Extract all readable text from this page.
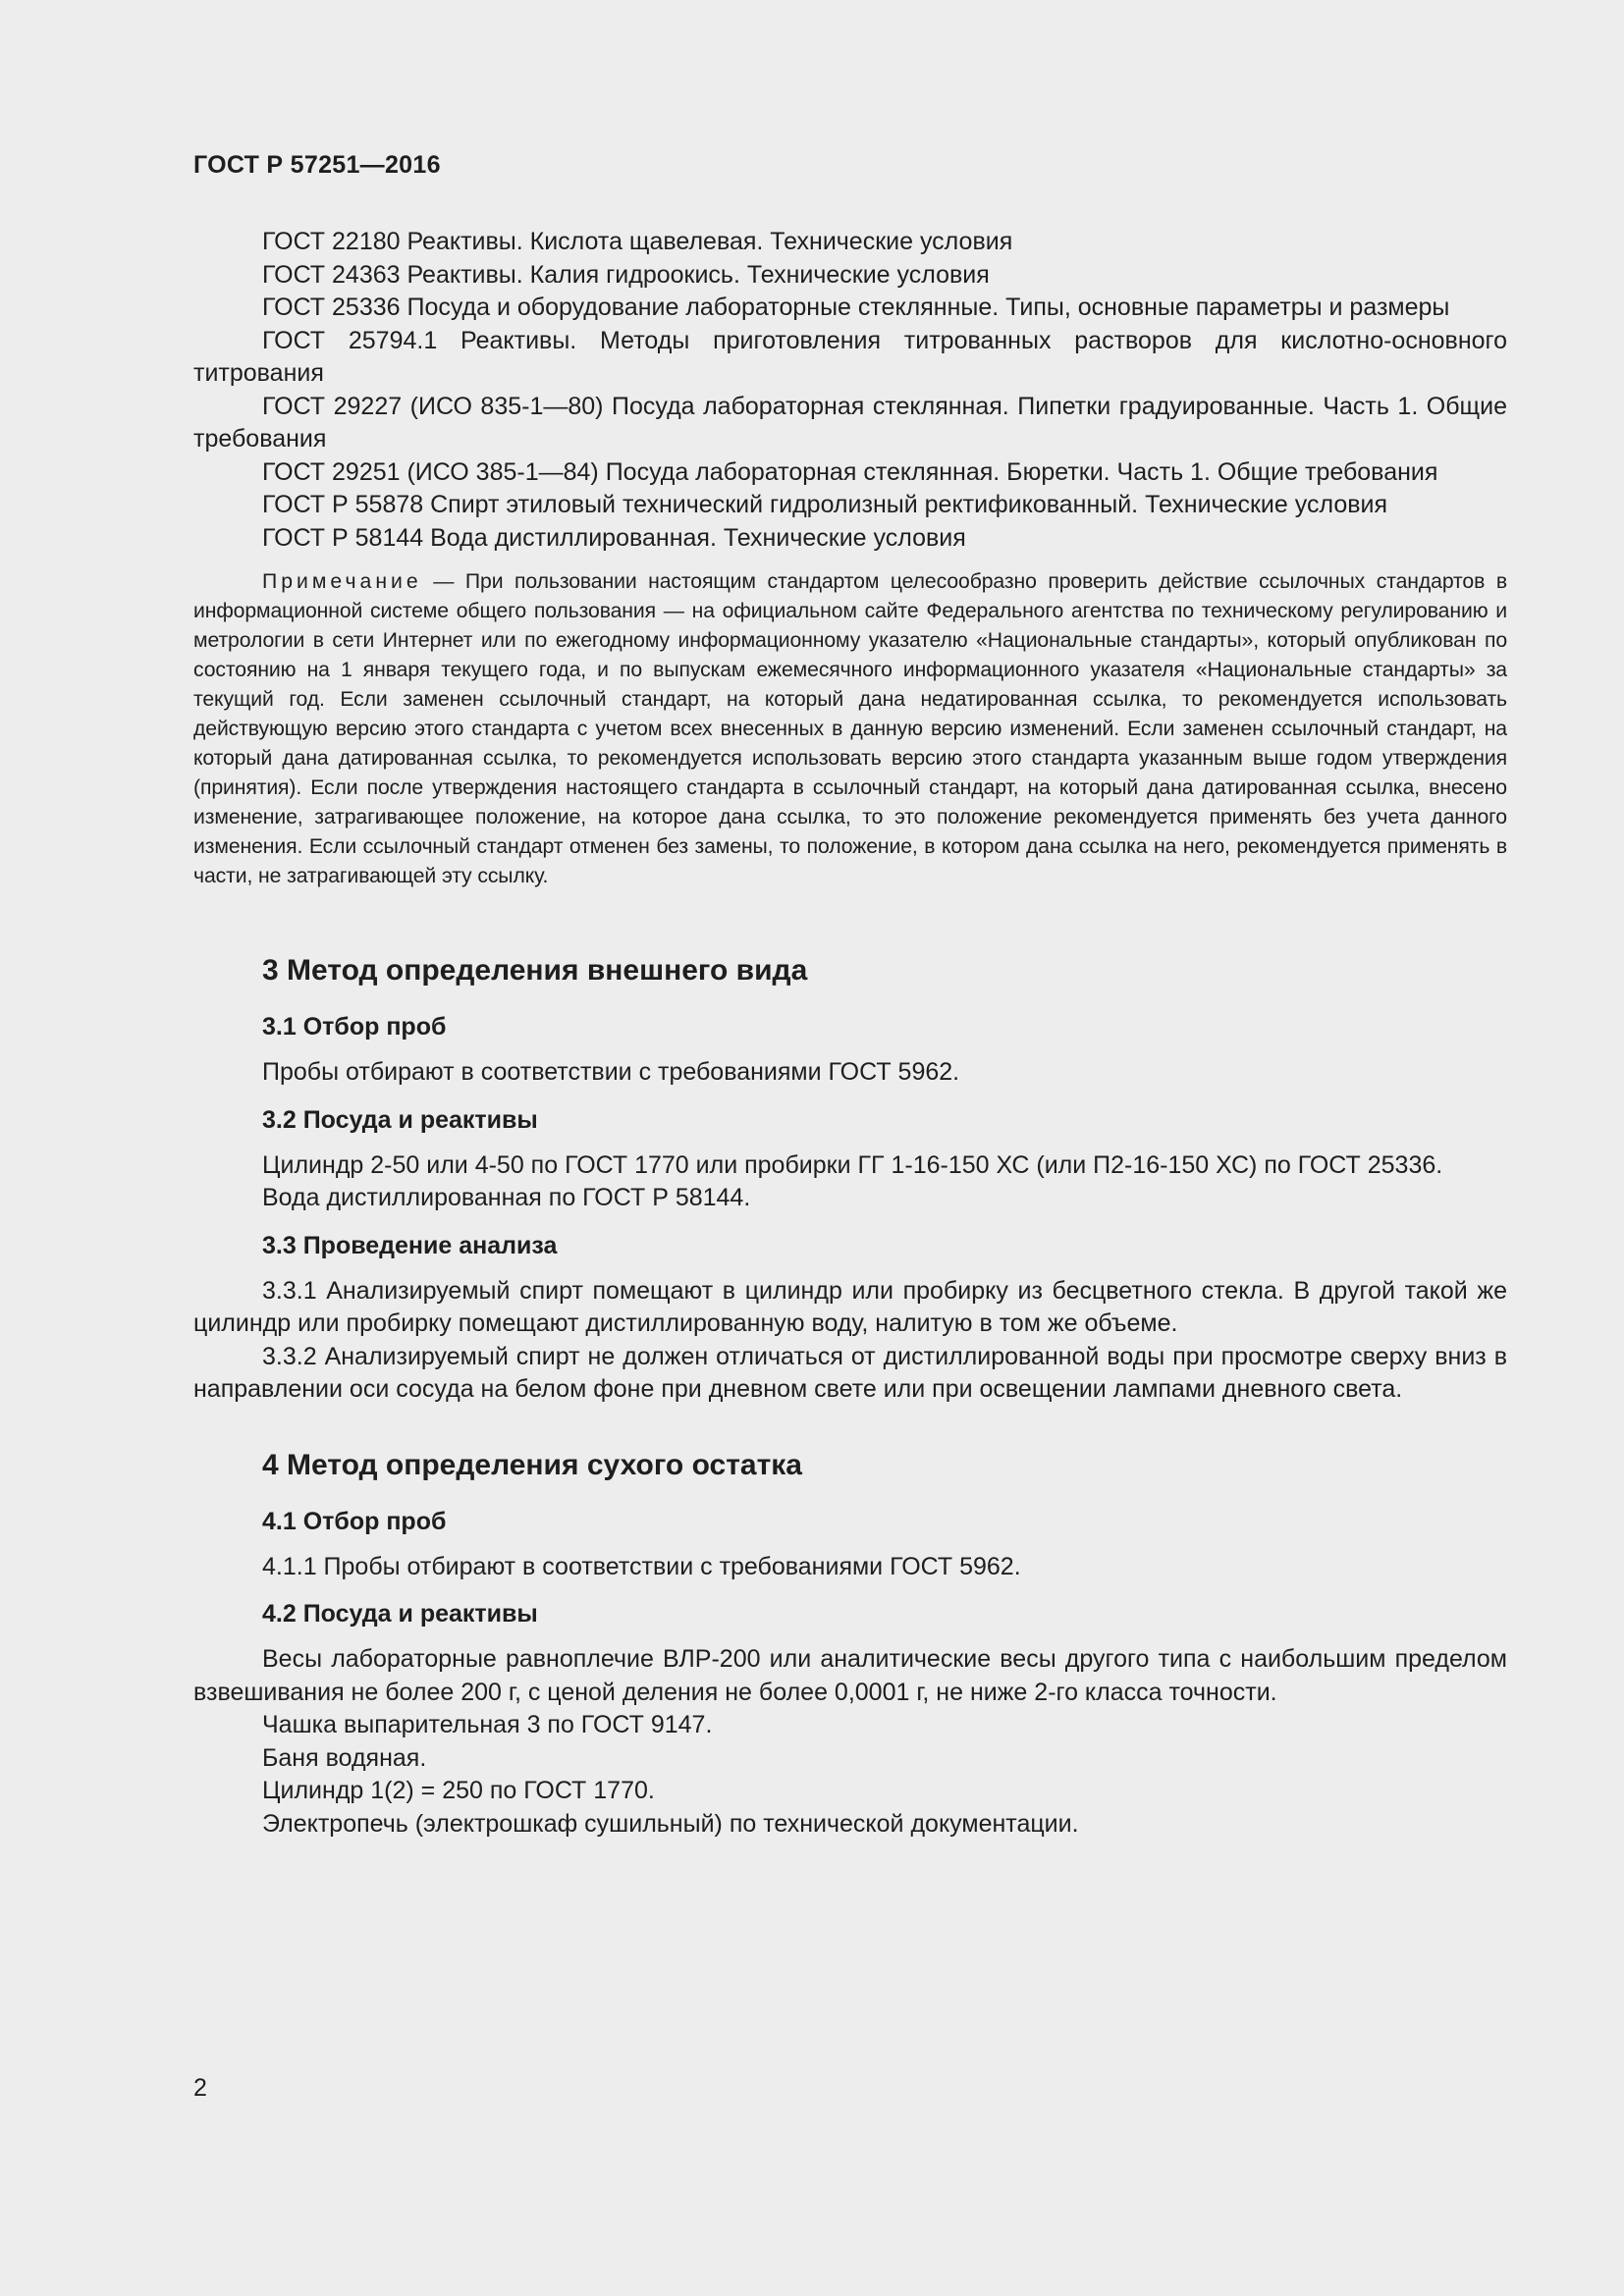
ГОСТ Р 57251—2016

ГОСТ 22180 Реактивы. Кислота щавелевая. Технические условия

ГОСТ 24363 Реактивы. Калия гидроокись. Технические условия

ГОСТ 25336 Посуда и оборудование лабораторные стеклянные. Типы, основные параметры и размеры

ГОСТ 25794.1 Реактивы. Методы приготовления титрованных растворов для кислотно-основного титрования

ГОСТ 29227 (ИСО 835-1—80) Посуда лабораторная стеклянная. Пипетки градуированные. Часть 1. Общие требования

ГОСТ 29251 (ИСО 385-1—84) Посуда лабораторная стеклянная. Бюретки. Часть 1. Общие требования

ГОСТ Р 55878 Спирт этиловый технический гидролизный ректификованный. Технические условия

ГОСТ Р 58144 Вода дистиллированная. Технические условия

Примечание — При пользовании настоящим стандартом целесообразно проверить действие ссылочных стандартов в информационной системе общего пользования — на официальном сайте Федерального агентства по техническому регулированию и метрологии в сети Интернет или по ежегодному информационному указателю «Национальные стандарты», который опубликован по состоянию на 1 января текущего года, и по выпускам ежемесячного информационного указателя «Национальные стандарты» за текущий год. Если заменен ссылочный стандарт, на который дана недатированная ссылка, то рекомендуется использовать действующую версию этого стандарта с учетом всех внесенных в данную версию изменений. Если заменен ссылочный стандарт, на который дана датированная ссылка, то рекомендуется использовать версию этого стандарта указанным выше годом утверждения (принятия). Если после утверждения настоящего стандарта в ссылочный стандарт, на который дана датированная ссылка, внесено изменение, затрагивающее положение, на которое дана ссылка, то это положение рекомендуется применять без учета данного изменения. Если ссылочный стандарт отменен без замены, то положение, в котором дана ссылка на него, рекомендуется применять в части, не затрагивающей эту ссылку.

3 Метод определения внешнего вида
3.1 Отбор проб

Пробы отбирают в соответствии с требованиями ГОСТ 5962.

3.2 Посуда и реактивы

Цилиндр 2-50 или 4-50 по ГОСТ 1770 или пробирки ГГ 1-16-150 ХС (или П2-16-150 ХС) по ГОСТ 25336.

Вода дистиллированная по ГОСТ Р 58144.

3.3 Проведение анализа

3.3.1 Анализируемый спирт помещают в цилиндр или пробирку из бесцветного стекла. В другой такой же цилиндр или пробирку помещают дистиллированную воду, налитую в том же объеме.

3.3.2 Анализируемый спирт не должен отличаться от дистиллированной воды при просмотре сверху вниз в направлении оси сосуда на белом фоне при дневном свете или при освещении лампами дневного света.

4 Метод определения сухого остатка
4.1 Отбор проб

4.1.1 Пробы отбирают в соответствии с требованиями ГОСТ 5962.

4.2 Посуда и реактивы

Весы лабораторные равноплечие ВЛР-200 или аналитические весы другого типа с наибольшим пределом взвешивания не более 200 г, с ценой деления не более 0,0001 г, не ниже 2-го класса точности.

Чашка выпарительная 3 по ГОСТ 9147.

Баня водяная.

Цилиндр 1(2) = 250 по ГОСТ 1770.

Электропечь (электрошкаф сушильный) по технической документации.

2
